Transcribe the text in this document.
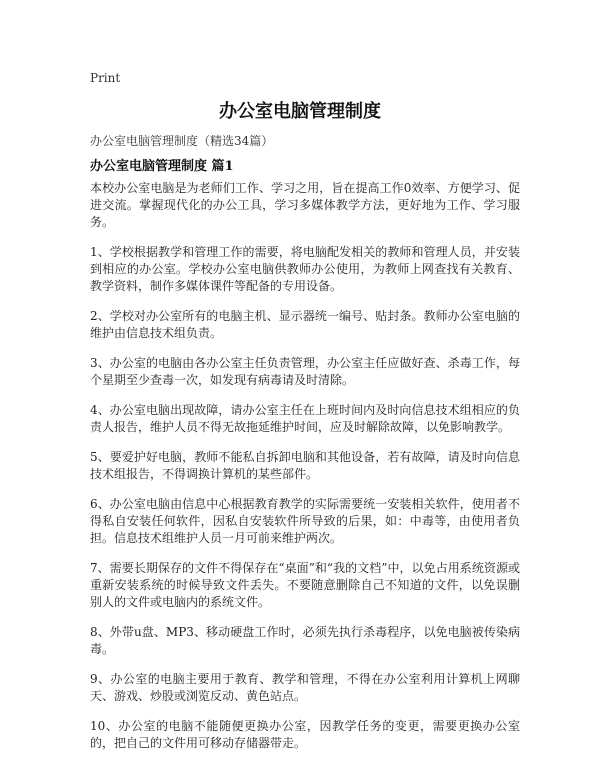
Print
办公室电脑管理制度
办公室电脑管理制度（精选34篇）
办公室电脑管理制度 篇1

本校办公室电脑是为老师们工作、学习之用，旨在提高工作0效率、方便学习、促进交流。掌握现代化的办公工具，学习多媒体教学方法，更好地为工作、学习服务。

1、学校根据教学和管理工作的需要，将电脑配发相关的教师和管理人员，并安装到相应的办公室。学校办公室电脑供教师办公使用，为教师上网查找有关教育、教学资料，制作多媒体课件等配备的专用设备。

2、学校对办公室所有的电脑主机、显示器统一编号、贴封条。教师办公室电脑的维护由信息技术组负责。

3、办公室的电脑由各办公室主任负责管理，办公室主任应做好查、杀毒工作，每个星期至少查毒一次，如发现有病毒请及时清除。

4、办公室电脑出现故障，请办公室主任在上班时间内及时向信息技术组相应的负责人报告，维护人员不得无故拖延维护时间，应及时解除故障，以免影响教学。

5、要爱护好电脑，教师不能私自拆卸电脑和其他设备，若有故障，请及时向信息技术组报告，不得调换计算机的某些部件。

6、办公室电脑由信息中心根据教育教学的实际需要统一安装相关软件，使用者不得私自安装任何软件，因私自安装软件所导致的后果，如：中毒等，由使用者负担。信息技术组维护人员一月可前来维护两次。

7、需要长期保存的文件不得保存在“桌面”和“我的文档”中，以免占用系统资源或重新安装系统的时候导致文件丢失。不要随意删除自己不知道的文件，以免误删别人的文件或电脑内的系统文件。

8、外带u盘、MP3、移动硬盘工作时，必须先执行杀毒程序，以免电脑被传染病毒。

9、办公室的电脑主要用于教育、教学和管理，不得在办公室利用计算机上网聊天、游戏、炒股或浏览反动、黄色站点。

10、办公室的电脑不能随便更换办公室，因教学任务的变更，需要更换办公室的，把自己的文件用可移动存储器带走。
